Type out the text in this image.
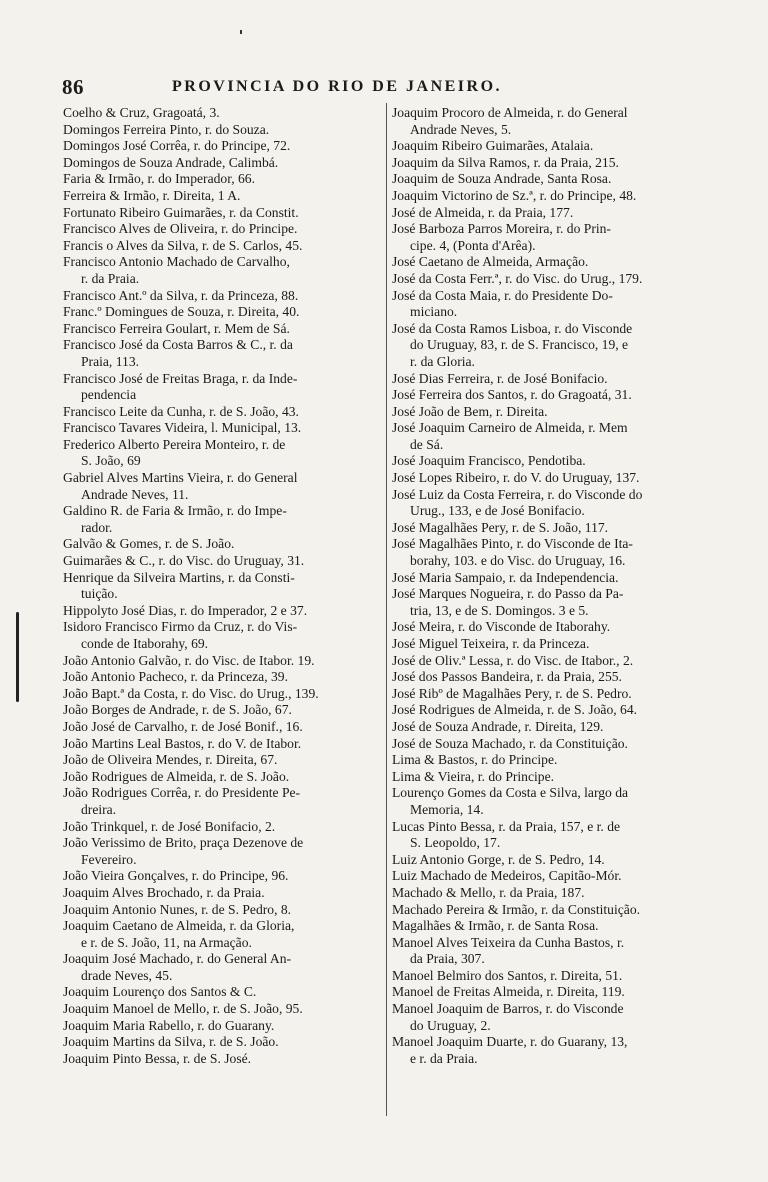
86	PROVINCIA DO RIO DE JANEIRO.
Coelho & Cruz, Gragoatá, 3.
Domingos Ferreira Pinto, r. do Souza.
Domingos José Corrêa, r. do Principe, 72.
Domingos de Souza Andrade, Calimbá.
Faria & Irmão, r. do Imperador, 66.
Ferreira & Irmão, r. Direita, 1 A.
Fortunato Ribeiro Guimarães, r. da Constit.
Francisco Alves de Oliveira, r. do Principe.
Francis o Alves da Silva, r. de S. Carlos, 45.
Francisco Antonio Machado de Carvalho,
r. da Praia.
Francisco Ant.º da Silva, r. da Princeza, 88.
Franc.º Domingues de Souza, r. Direita, 40.
Francisco Ferreira Goulart, r. Mem de Sá.
Francisco José da Costa Barros & C., r. da
Praia, 113.
Francisco José de Freitas Braga, r. da Inde-
pendencia
Francisco Leite da Cunha, r. de S. João, 43.
Francisco Tavares Videira, l. Municipal, 13.
Frederico Alberto Pereira Monteiro, r. de
S. João, 69
Gabriel Alves Martins Vieira, r. do General
Andrade Neves, 11.
Galdino R. de Faria & Irmão, r. do Impe-
rador.
Galvão & Gomes, r. de S. João.
Guimarães & C., r. do Visc. do Uruguay, 31.
Henrique da Silveira Martins, r. da Consti-
tuição.
Hippolyto José Dias, r. do Imperador, 2 e 37.
Isidoro Francisco Firmo da Cruz, r. do Vis-
conde de Itaborahy, 69.
João Antonio Galvão, r. do Visc. de Itabor. 19.
João Antonio Pacheco, r. da Princeza, 39.
João Bapt.ª da Costa, r. do Visc. do Urug., 139.
João Borges de Andrade, r. de S. João, 67.
João José de Carvalho, r. de José Bonif., 16.
João Martins Leal Bastos, r. do V. de Itabor.
João de Oliveira Mendes, r. Direita, 67.
João Rodrigues de Almeida, r. de S. João.
João Rodrigues Corrêa, r. do Presidente Pe-
dreira.
João Trinkquel, r. de José Bonifacio, 2.
João Verissimo de Brito, praça Dezenove de
Fevereiro.
João Vieira Gonçalves, r. do Principe, 96.
Joaquim Alves Brochado, r. da Praia.
Joaquim Antonio Nunes, r. de S. Pedro, 8.
Joaquim Caetano de Almeida, r. da Gloria,
e r. de S. João, 11, na Armação.
Joaquim José Machado, r. do General An-
drade Neves, 45.
Joaquim Lourenço dos Santos & C.
Joaquim Manoel de Mello, r. de S. João, 95.
Joaquim Maria Rabello, r. do Guarany.
Joaquim Martins da Silva, r. de S. João.
Joaquim Pinto Bessa, r. de S. José.
Joaquim Procoro de Almeida, r. do General
Andrade Neves, 5.
Joaquim Ribeiro Guimarães, Atalaia.
Joaquim da Silva Ramos, r. da Praia, 215.
Joaquim de Souza Andrade, Santa Rosa.
Joaquim Victorino de Sz.ª, r. do Principe, 48.
José de Almeida, r. da Praia, 177.
José Barboza Parros Moreira, r. do Prin-
cipe. 4, (Ponta d'Arêa).
José Caetano de Almeida, Armação.
José da Costa Ferr.ª, r. do Visc. do Urug., 179.
José da Costa Maia, r. do Presidente Do-
miciano.
José da Costa Ramos Lisboa, r. do Visconde
do Uruguay, 83, r. de S. Francisco, 19, e
r. da Gloria.
José Dias Ferreira, r. de José Bonifacio.
José Ferreira dos Santos, r. do Gragoatá, 31.
José João de Bem, r. Direita.
José Joaquim Carneiro de Almeida, r. Mem
de Sá.
José Joaquim Francisco, Pendotiba.
José Lopes Ribeiro, r. do V. do Uruguay, 137.
José Luiz da Costa Ferreira, r. do Visconde do
Urug., 133, e de José Bonifacio.
José Magalhães Pery, r. de S. João, 117.
José Magalhães Pinto, r. do Visconde de Ita-
borahy, 103. e do Visc. do Uruguay, 16.
José Maria Sampaio, r. da Independencia.
José Marques Nogueira, r. do Passo da Pa-
tria, 13, e de S. Domingos. 3 e 5.
José Meira, r. do Visconde de Itaborahy.
José Miguel Teixeira, r. da Princeza.
José de Oliv.ª Lessa, r. do Visc. de Itabor., 2.
José dos Passos Bandeira, r. da Praia, 255.
José Ribº de Magalhães Pery, r. de S. Pedro.
José Rodrigues de Almeida, r. de S. João, 64.
José de Souza Andrade, r. Direita, 129.
José de Souza Machado, r. da Constituição.
Lima & Bastos, r. do Principe.
Lima & Vieira, r. do Principe.
Lourenço Gomes da Costa e Silva, largo da
Memoria, 14.
Lucas Pinto Bessa, r. da Praia, 157, e r. de
S. Leopoldo, 17.
Luiz Antonio Gorge, r. de S. Pedro, 14.
Luiz Machado de Medeiros, Capitão-Mór.
Machado & Mello, r. da Praia, 187.
Machado Pereira & Irmão, r. da Constituição.
Magalhães & Irmão, r. de Santa Rosa.
Manoel Alves Teixeira da Cunha Bastos, r.
da Praia, 307.
Manoel Belmiro dos Santos, r. Direita, 51.
Manoel de Freitas Almeida, r. Direita, 119.
Manoel Joaquim de Barros, r. do Visconde
do Uruguay, 2.
Manoel Joaquim Duarte, r. do Guarany, 13,
e r. da Praia.
